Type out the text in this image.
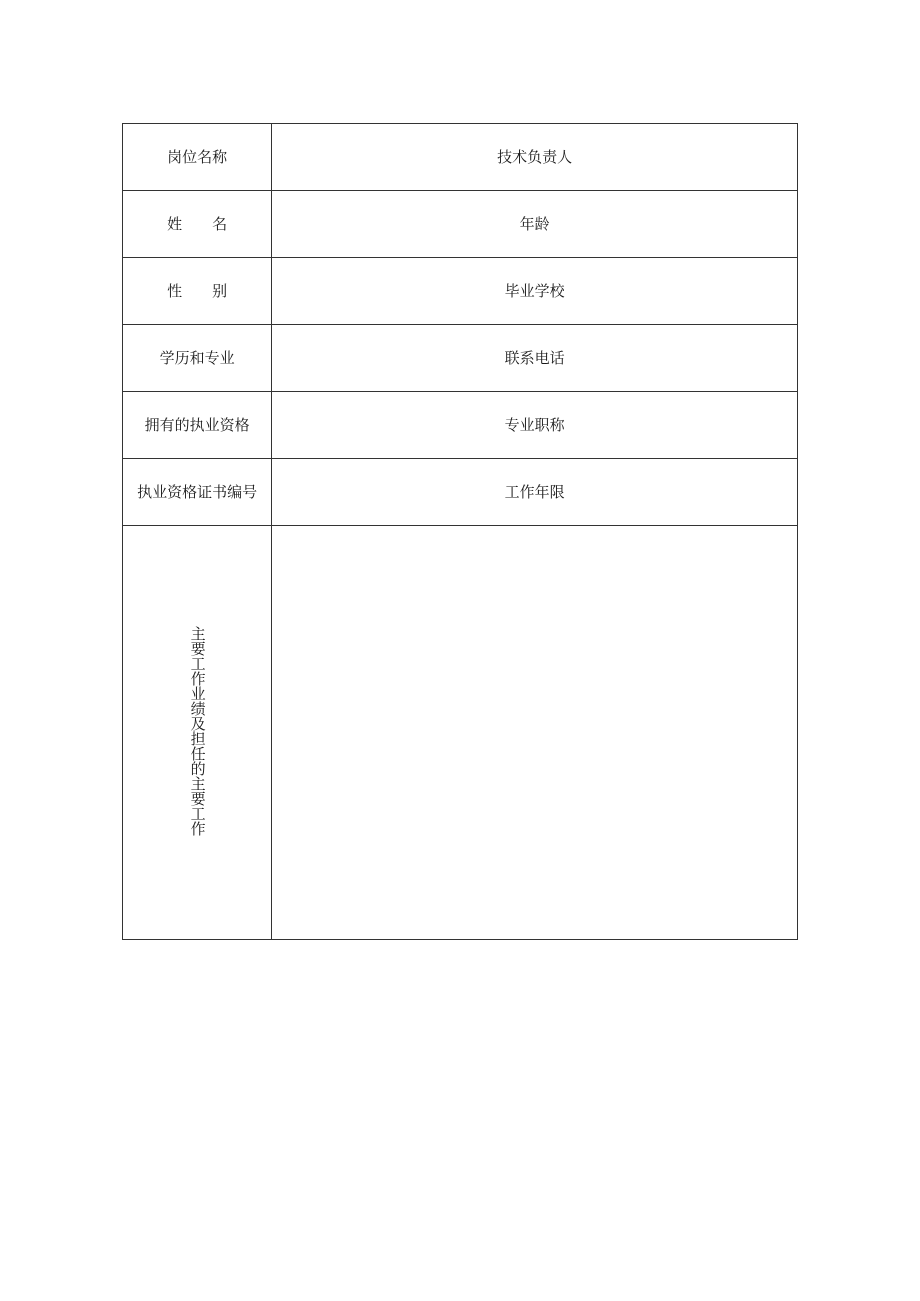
岗位名称	技术负责人
姓 名	年龄
性 别	毕业学校
学历和专业	联系电话
拥有的执业资格	专业职称
执业资格证书编号	工作年限
主要工作业绩及担任的主要工作	
